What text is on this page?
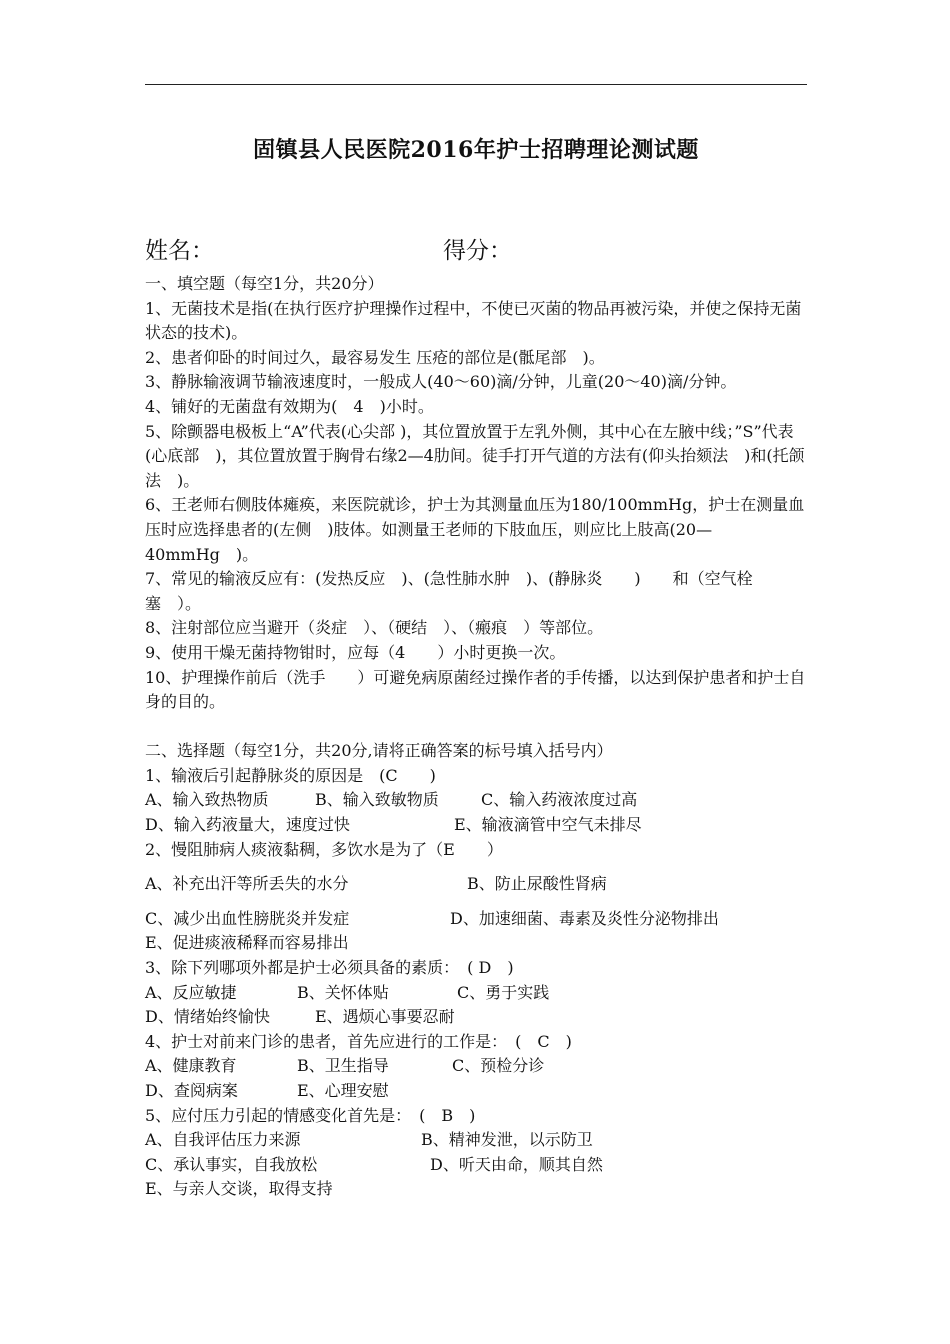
固镇县人民医院2016年护士招聘理论测试题
姓名：	得分：

一、填空题（每空1分，共20分）

1、无菌技术是指(在执行医疗护理操作过程中，不使已灭菌的物品再被污染，并使之保持无菌状态的技术)。

2、患者仰卧的时间过久，最容易发生 压疮的部位是(骶尾部　)。

3、静脉输液调节输液速度时，一般成人(40～60)滴/分钟，儿童(20～40)滴/分钟。

4、铺好的无菌盘有效期为(　4　)小时。

5、除颤器电极板上“A”代表(心尖部 )，其位置放置于左乳外侧，其中心在左腋中线；”S”代表(心底部　)，其位置放置于胸骨右缘2—4肋间。徒手打开气道的方法有(仰头抬颏法　)和(托颌法　)。

6、王老师右侧肢体瘫痪，来医院就诊，护士为其测量血压为180/100mmHg，护士在测量血压时应选择患者的(左侧　)肢体。如测量王老师的下肢血压，则应比上肢高(20—40mmHg　)。

7、常见的输液反应有：(发热反应　)、(急性肺水肿　)、(静脉炎　　)　　和（空气栓塞　）。

8、注射部位应当避开（炎症　）、（硬结　）、（瘢痕　）等部位。

9、使用干燥无菌持物钳时，应每（4　　）小时更换一次。

10、护理操作前后（洗手　　）可避免病原菌经过操作者的手传播，以达到保护患者和护士自身的目的。

二、选择题（每空1分，共20分,请将正确答案的标号填入括号内）

1、输液后引起静脉炎的原因是　(C　　)

A、输入致热物质	B、输入致敏物质	C、输入药液浓度过高
D、输入药液量大，速度过快	E、输液滴管中空气未排尽

2、慢阻肺病人痰液黏稠，多饮水是为了（E　　）

A、补充出汗等所丢失的水分	B、防止尿酸性肾病
C、减少出血性膀胱炎并发症	D、加速细菌、毒素及炎性分泌物排出
E、促进痰液稀释而容易排出

3、除下列哪项外都是护士必须具备的素质：　( D　)

A、反应敏捷	B、关怀体贴	C、勇于实践
D、情绪始终愉快	E、遇烦心事要忍耐

4、护士对前来门诊的患者，首先应进行的工作是：　(　C　)

A、健康教育	B、卫生指导	C、预检分诊
D、查阅病案	E、心理安慰

5、应付压力引起的情感变化首先是：　(　B　)

A、自我评估压力来源	B、精神发泄，以示防卫
C、承认事实，自我放松	D、听天由命，顺其自然
E、与亲人交谈，取得支持
